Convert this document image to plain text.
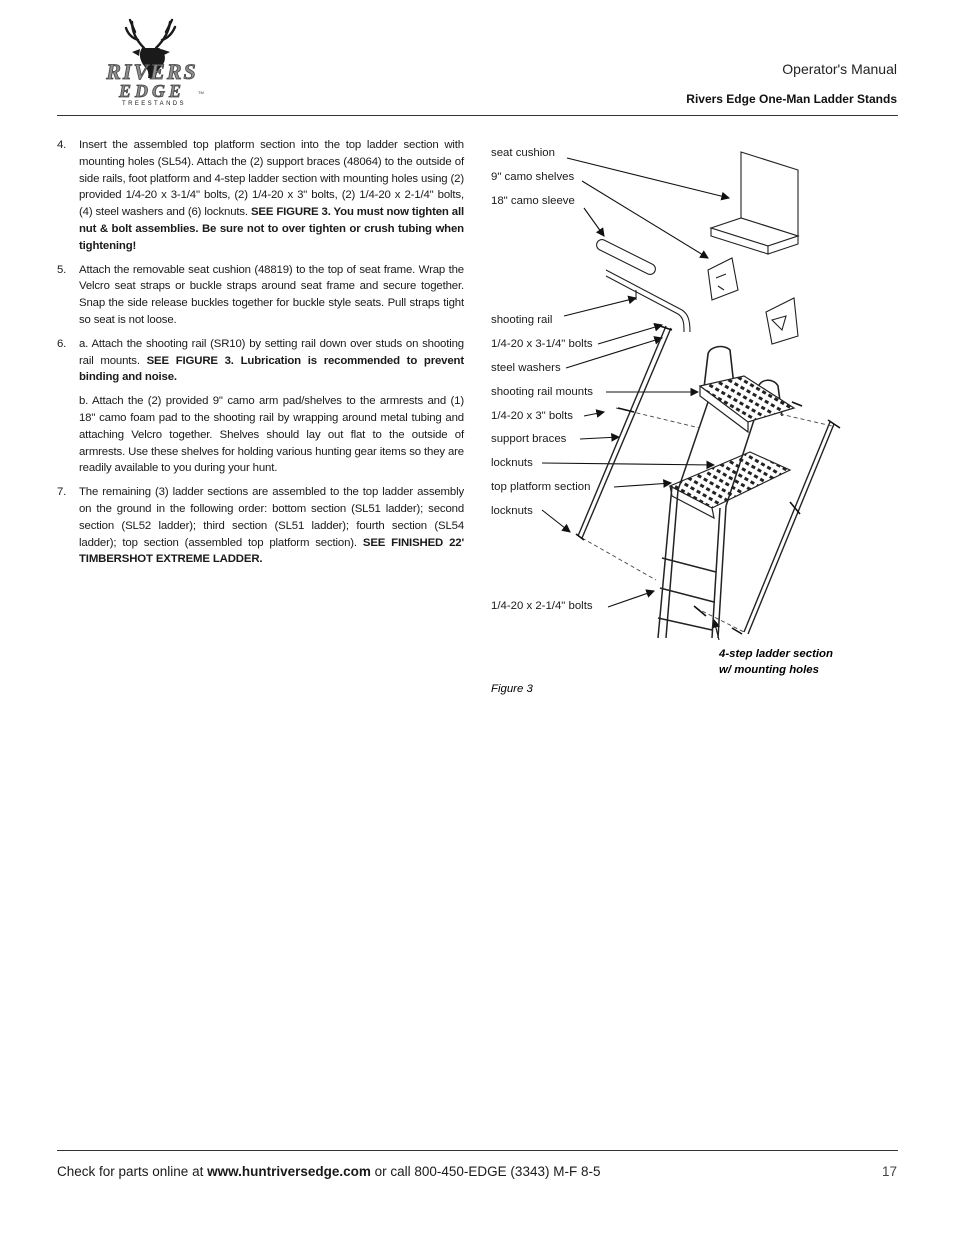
RIVERS
EDGE	TM
TREESTANDS
Operator's Manual
Rivers Edge One-Man Ladder Stands
4. Insert the assembled top platform section into the top ladder section with mounting holes (SL54). Attach the (2) support braces (48064) to the outside of side rails, foot platform and 4-step ladder section with mounting holes using (2) provided 1/4-20 x 3-1/4" bolts, (2) 1/4-20 x 3" bolts, (2) 1/4-20 x 2-1/4" bolts, (4) steel washers and (6) locknuts. SEE FIGURE 3. You must now tighten all nut & bolt assemblies. Be sure not to over tighten or crush tubing when tightening!

5. Attach the removable seat cushion (48819) to the top of seat frame. Wrap the Velcro seat straps or buckle straps around seat frame and secure together. Snap the side release buckles together for buckle style seats. Pull straps tight so seat is not loose.

6. a. Attach the shooting rail (SR10) by setting rail down over studs on shooting rail mounts. SEE FIGURE 3. Lubrication is recommended to prevent binding and noise.

b. Attach the (2) provided 9" camo arm pad/shelves to the armrests and (1) 18" camo foam pad to the shooting rail by wrapping around metal tubing and attaching Velcro together. Shelves should lay out flat to the outside of armrests. Use these shelves for holding various hunting gear items so they are readily available to you during your hunt.

7. The remaining (3) ladder sections are assembled to the top ladder assembly on the ground in the following order: bottom section (SL51 ladder); second section (SL52 ladder); third section (SL51 ladder); fourth section (SL54 ladder); top section (assembled top platform section). SEE FINISHED 22' TIMBERSHOT EXTREME LADDER.

seat cushion
9" camo shelves
18" camo sleeve
shooting rail
1/4-20 x 3-1/4" bolts
steel washers
shooting rail mounts
1/4-20 x 3" bolts
support braces
locknuts
top platform section
locknuts
1/4-20 x 2-1/4" bolts
4-step ladder section
w/ mounting holes
Figure 3
Check for parts online at www.huntriversedge.com or call 800-450-EDGE (3343) M-F 8-5	17
